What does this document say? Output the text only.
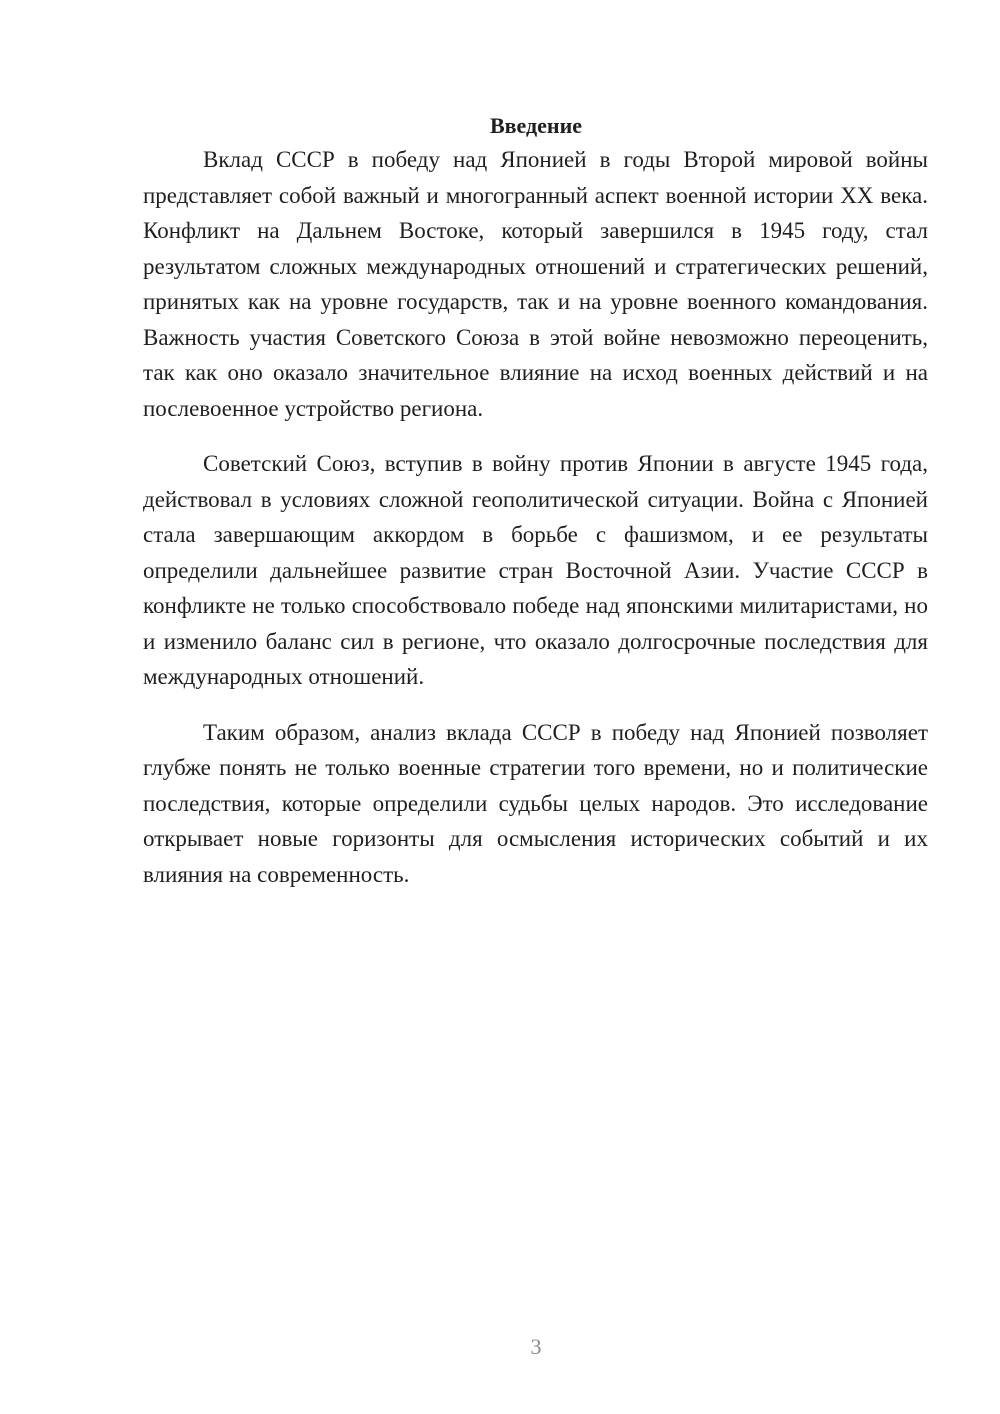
Введение

Вклад СССР в победу над Японией в годы Второй мировой войны представляет собой важный и многогранный аспект военной истории XX века. Конфликт на Дальнем Востоке, который завершился в 1945 году, стал результатом сложных международных отношений и стратегических решений, принятых как на уровне государств, так и на уровне военного командования. Важность участия Советского Союза в этой войне невозможно переоценить, так как оно оказало значительное влияние на исход военных действий и на послевоенное устройство региона.

Советский Союз, вступив в войну против Японии в августе 1945 года, действовал в условиях сложной геополитической ситуации. Война с Японией стала завершающим аккордом в борьбе с фашизмом, и ее результаты определили дальнейшее развитие стран Восточной Азии. Участие СССР в конфликте не только способствовало победе над японскими милитаристами, но и изменило баланс сил в регионе, что оказало долгосрочные последствия для международных отношений.

Таким образом, анализ вклада СССР в победу над Японией позволяет глубже понять не только военные стратегии того времени, но и политические последствия, которые определили судьбы целых народов. Это исследование открывает новые горизонты для осмысления исторических событий и их влияния на современность.

3
